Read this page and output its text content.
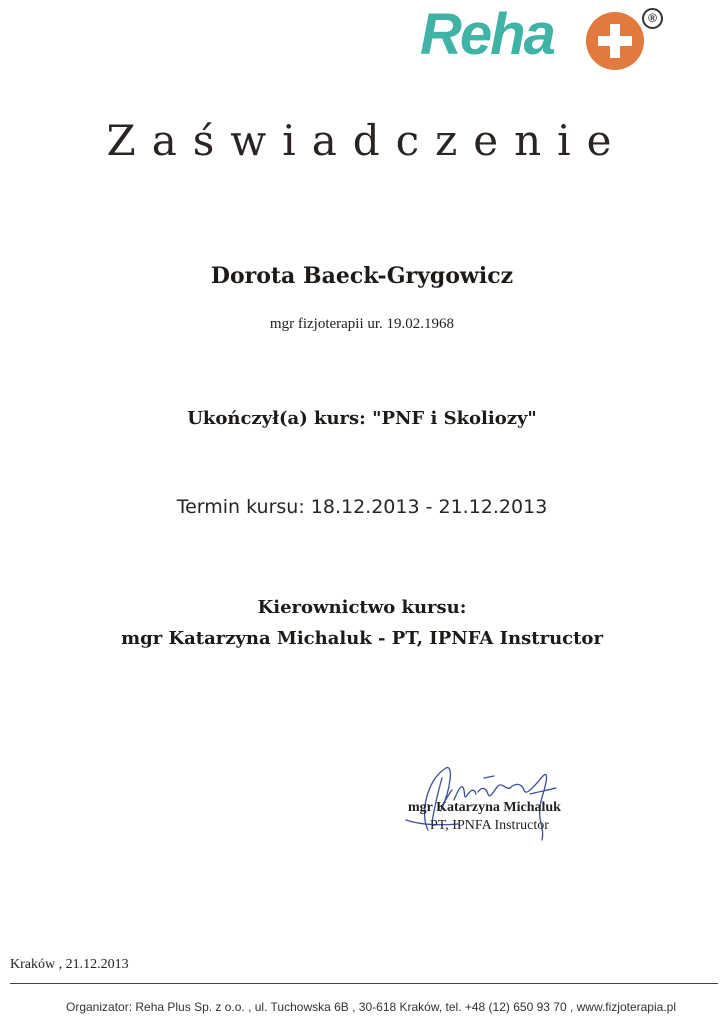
Reha	®
Zaświadczenie
Dorota Baeck-Grygowicz
mgr fizjoterapii ur. 19.02.1968
Ukończył(a) kurs: "PNF i Skoliozy"
Termin kursu: 18.12.2013 - 21.12.2013
Kierownictwo kursu:
mgr Katarzyna Michaluk - PT, IPNFA Instructor
mgr Katarzyna Michaluk
PT, IPNFA Instructor
Kraków , 21.12.2013
Organizator: Reha Plus Sp. z o.o. , ul. Tuchowska 6B , 30-618 Kraków, tel. +48 (12) 650 93 70 , www.fizjoterapia.pl
